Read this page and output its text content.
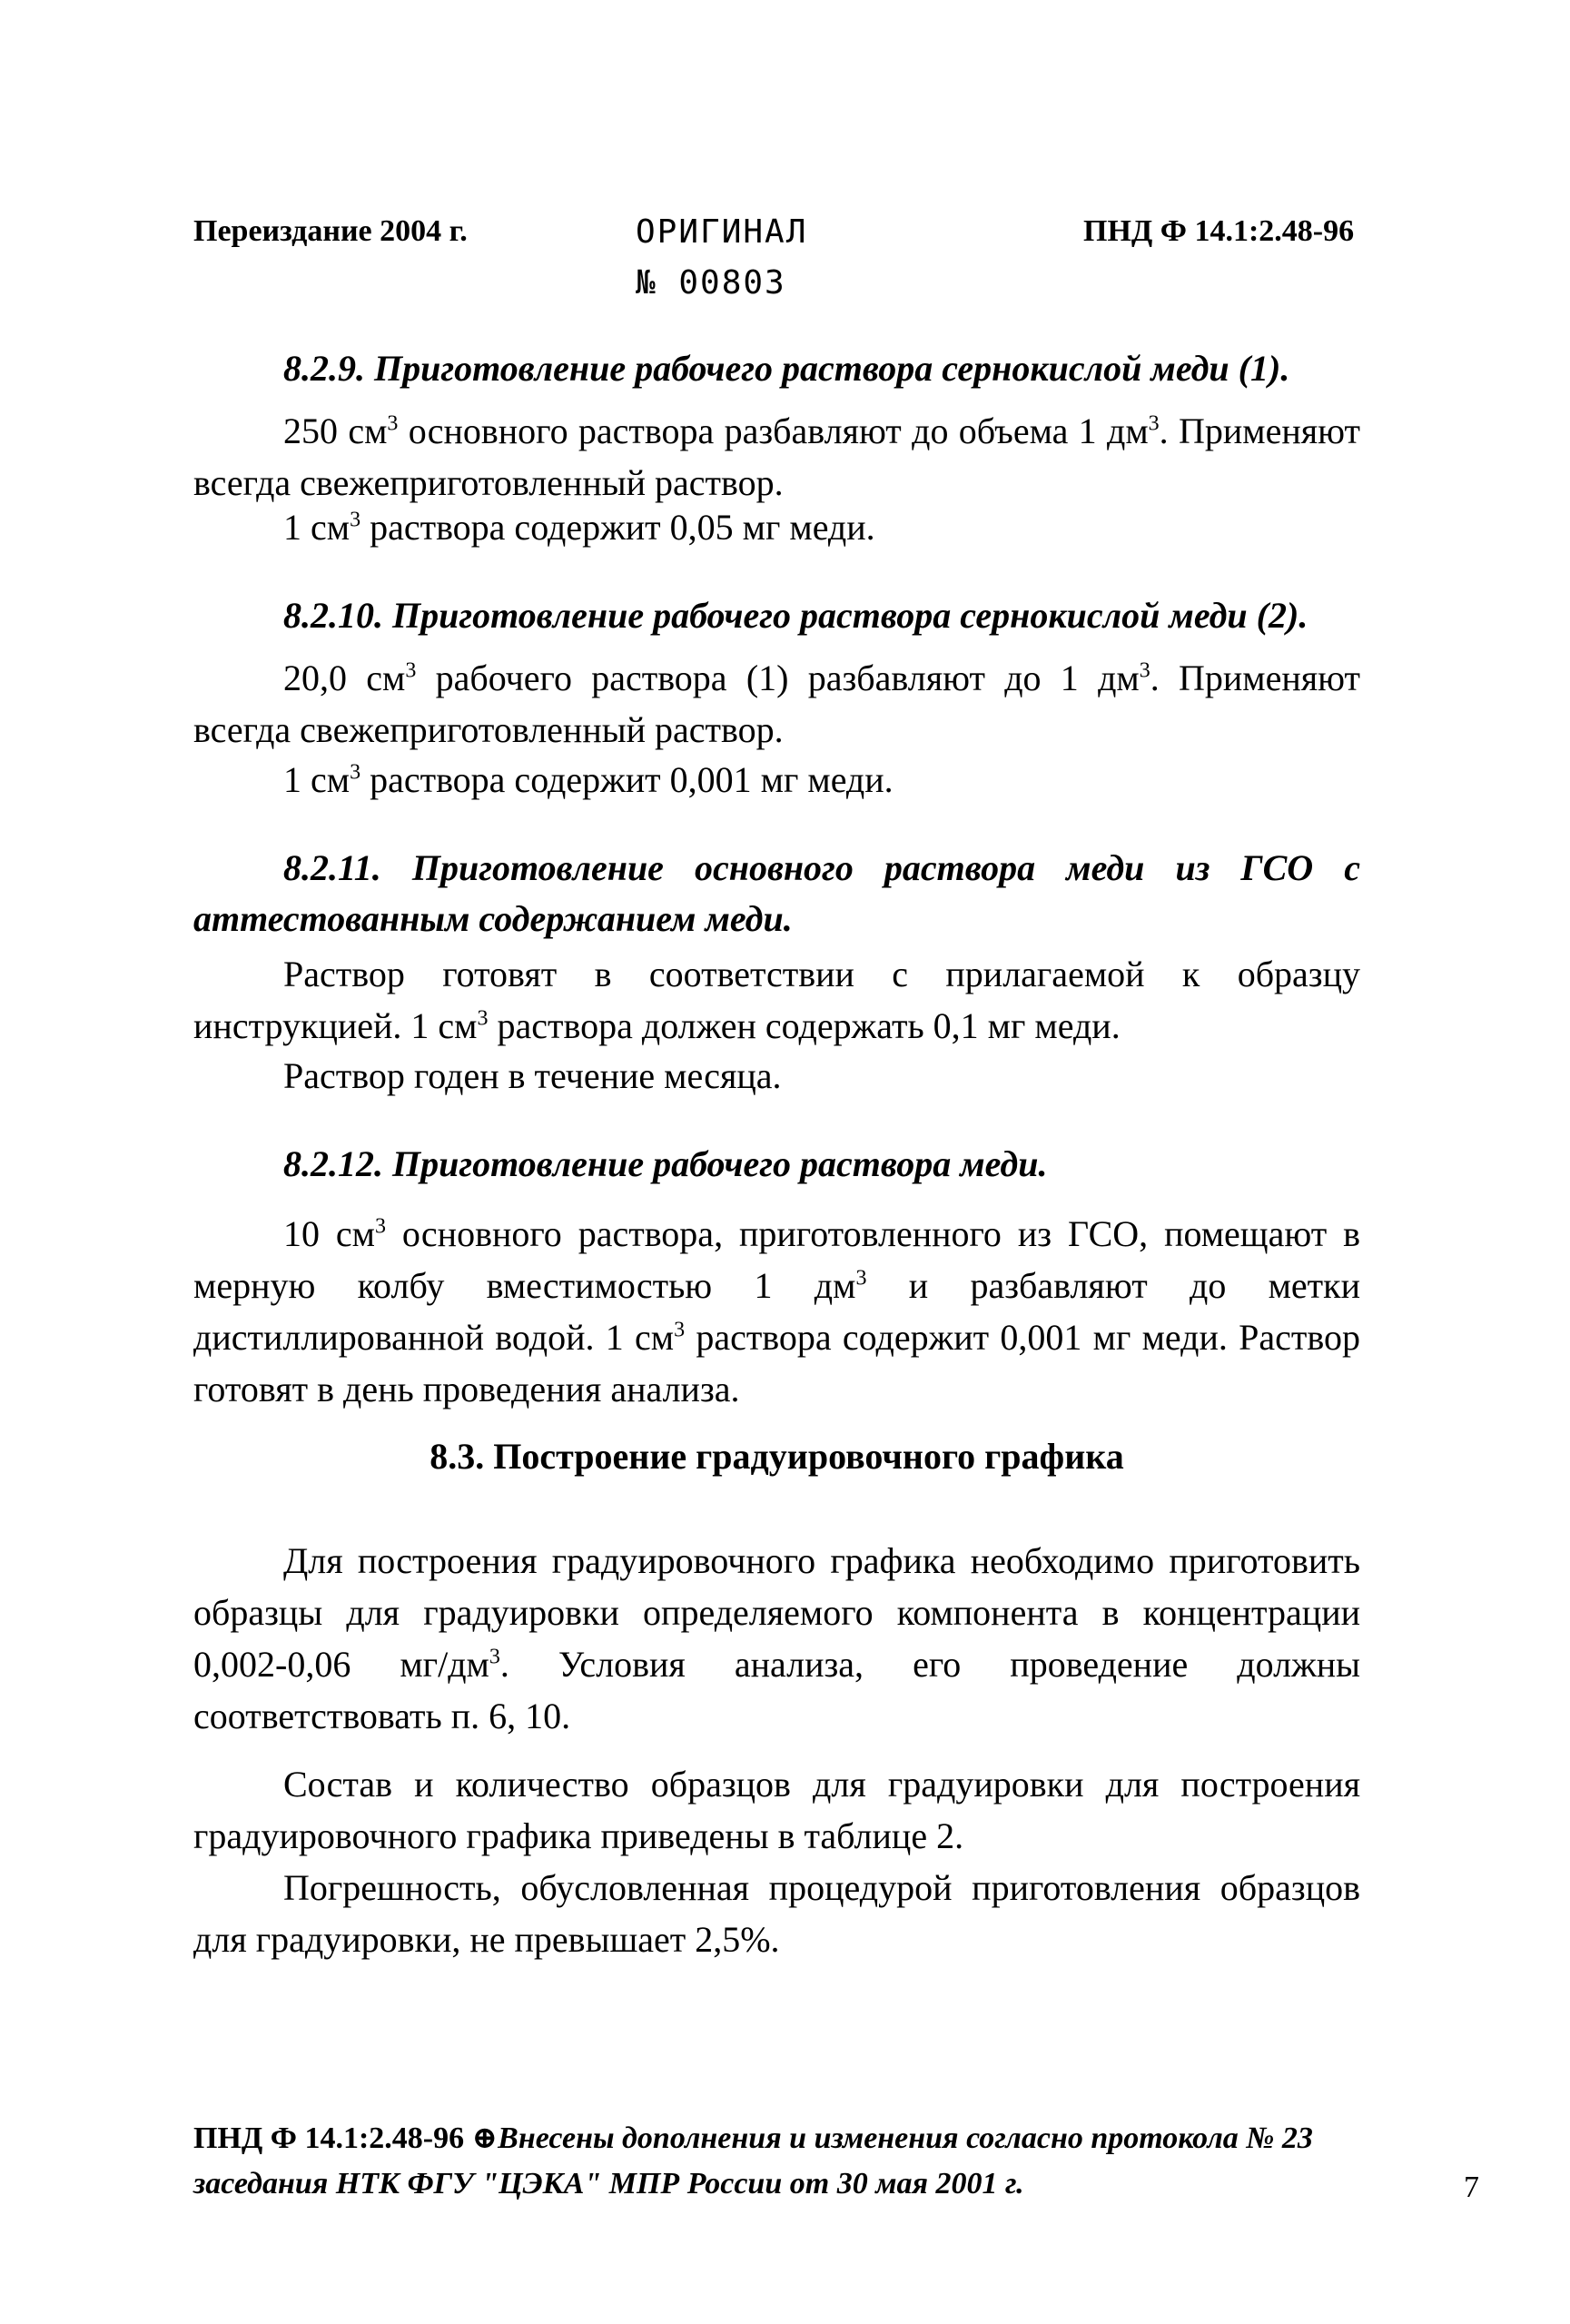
Переиздание 2004 г.	ОРИГИНАЛ
№ 00803
ПНД Ф 14.1:2.48-96
8.2.9. Приготовление рабочего раствора сернокислой меди (1).
250 $см^3$ основного раствора разбавляют до объема 1 $дм^3$. Применяют всегда свежеприготовленный раствор.
1 $см^3$ раствора содержит 0,05 мг меди.
8.2.10. Приготовление рабочего раствора сернокислой меди (2).
20,0 $см^3$ рабочего раствора (1) разбавляют до 1 $дм^3$. Применяют всегда свежеприготовленный раствор.
1 $см^3$ раствора содержит 0,001 мг меди.
8.2.11. Приготовление основного раствора меди из ГСО с аттестованным содержанием меди.
Раствор готовят в соответствии с прилагаемой к образцу инструкцией. 1 $см^3$ раствора должен содержать 0,1 мг меди.
Раствор годен в течение месяца.
8.2.12. Приготовление рабочего раствора меди.
10 $см^3$ основного раствора, приготовленного из ГСО, помещают в мерную колбу вместимостью 1 $дм^3$ и разбавляют до метки дистиллированной водой. 1 $см^3$ раствора содержит 0,001 мг меди. Раствор готовят в день проведения анализа.
8.3. Построение градуировочного графика
Для построения градуировочного графика необходимо приготовить образцы для градуировки определяемого компонента в концентрации 0,002-0,06 $мг/дм^3$. Условия анализа, его проведение должны соответствовать п. 6, 10.
Состав и количество образцов для градуировки для построения градуировочного графика приведены в таблице 2.
Погрешность, обусловленная процедурой приготовления образцов для градуировки, не превышает 2,5%.
ПНД Ф 14.1:2.48-96 ⊕Внесены дополнения и изменения согласно протокола № 23 заседания НТК ФГУ "ЦЭКА" МПР России от 30 мая 2001 г.	7
